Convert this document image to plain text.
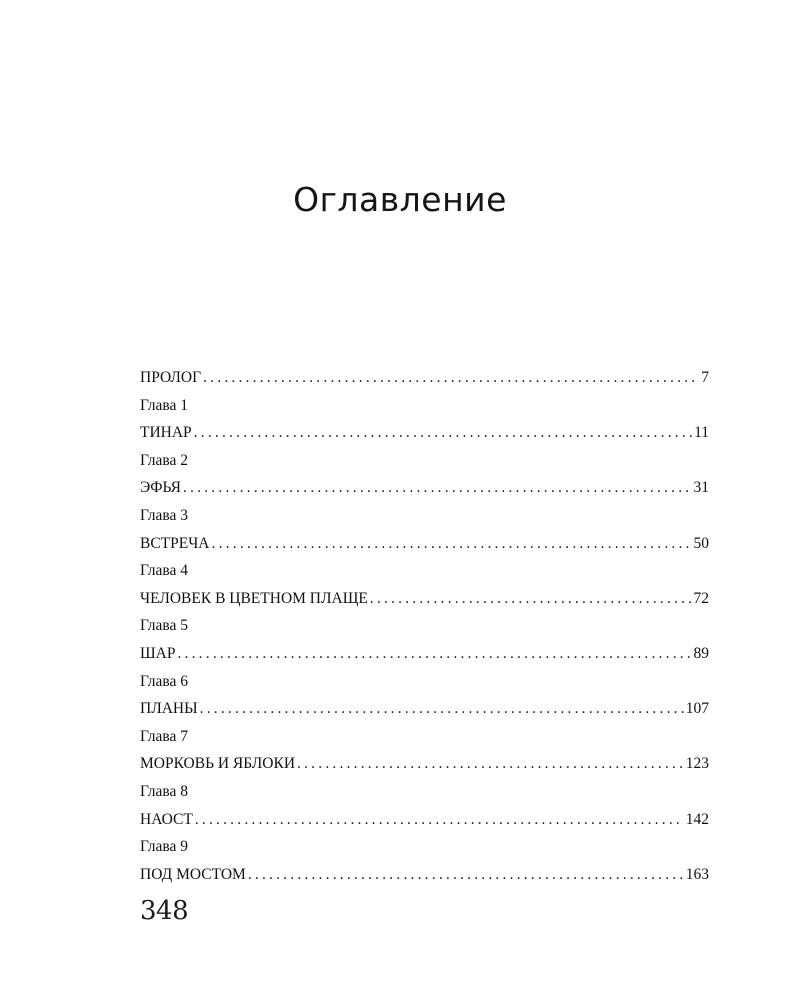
Оглавление
ПРОЛОГ .....	7
Глава 1
ТИНАР .....	11
Глава 2
ЭФЬЯ .....	31
Глава 3
ВСТРЕЧА .....	50
Глава 4
ЧЕЛОВЕК В ЦВЕТНОМ ПЛАЩЕ .....	72
Глава 5
ШАР .....	89
Глава 6
ПЛАНЫ .....	107
Глава 7
МОРКОВЬ И ЯБЛОКИ .....	123
Глава 8
НАОСТ .....	142
Глава 9
ПОД МОСТОМ .....	163
348
